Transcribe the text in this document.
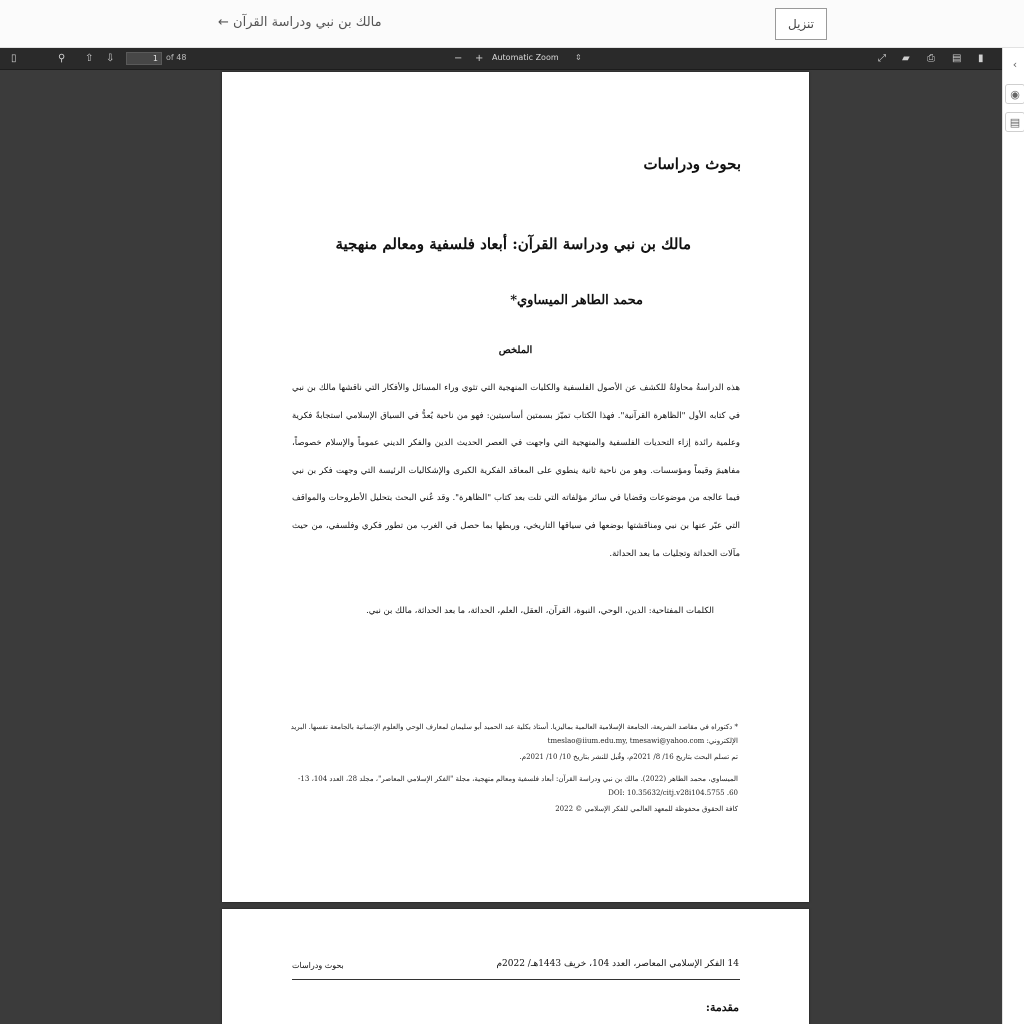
مالك بن نبي ودراسة القرآن ←	تنزيل
▯	⚲ ⇧ ⇩	1	of 48	− + Automatic Zoom ⇕	⤢ ▰ ⎙ ▤ ▮
بحوث ودراسات
مالك بن نبي ودراسة القرآن: أبعاد فلسفية ومعالم منهجية
محمد الطاهر الميساوي*
الملخص
هذه الدراسةُ محاولةٌ للكشف عن الأصول الفلسفية والكليات المنهجية التي تثوي وراء المسائل والأفكار التي ناقشها مالك بن نبي في كتابه الأول "الظاهرة القرآنية". فهذا الكتاب تميّز بسمتين أساسيتين: فهو من ناحية يُعدُّ في السياق الإسلامي استجابةً فكرية وعلمية رائدة إزاء التحديات الفلسفية والمنهجية التي واجهت في العصر الحديث الدين والفكر الديني عموماً والإسلام خصوصاً، مفاهيمَ وقيماً ومؤسسات. وهو من ناحية ثانية ينطوي على المعاقد الفكرية الكبرى والإشكاليات الرئيسة التي وجهت فكر بن نبي فيما عالجه من موضوعات وقضايا في سائر مؤلفاته التي تلت بعد كتاب "الظاهرة". وقد عُني البحث بتحليل الأطروحات والمواقف التي عبّر عنها بن نبي ومناقشتها بوضعها في سياقها التاريخي، وربطها بما حصل في الغرب من تطور فكري وفلسفي، من حيث مآلات الحداثة وتجليات ما بعد الحداثة.
الكلمات المفتاحية: الدين، الوحي، النبوة، القرآن، العقل، العلم، الحداثة، ما بعد الحداثة، مالك بن نبي.

* دكتوراه في مقاصد الشريعة، الجامعة الإسلامية العالمية بماليزيا. أستاذ بكلية عبد الحميد أبو سليمان لمعارف الوحي والعلوم الإنسانية بالجامعة نفسها. البريد الإلكتروني: tmeslao@iium.edu.my, tmesawi@yahoo.com

تم تسلم البحث بتاريخ 16/ 8/ 2021م، وقُبل للنشر بتاريخ 10/ 10/ 2021م.

الميساوي، محمد الطاهر (2022). مالك بن نبي ودراسة القرآن: أبعاد فلسفية ومعالم منهجية، مجلة "الفكر الإسلامي المعاصر"، مجلد 28، العدد 104، 13-60. DOI: 10.35632/citj.v28i104.5755

كافة الحقوق محفوظة للمعهد العالمي للفكر الإسلامي © 2022

بحوث ودراسات	14 الفكر الإسلامي المعاصر، العدد 104، خريف 1443هـ/ 2022م
مقدمة:
‹
◉
▤
